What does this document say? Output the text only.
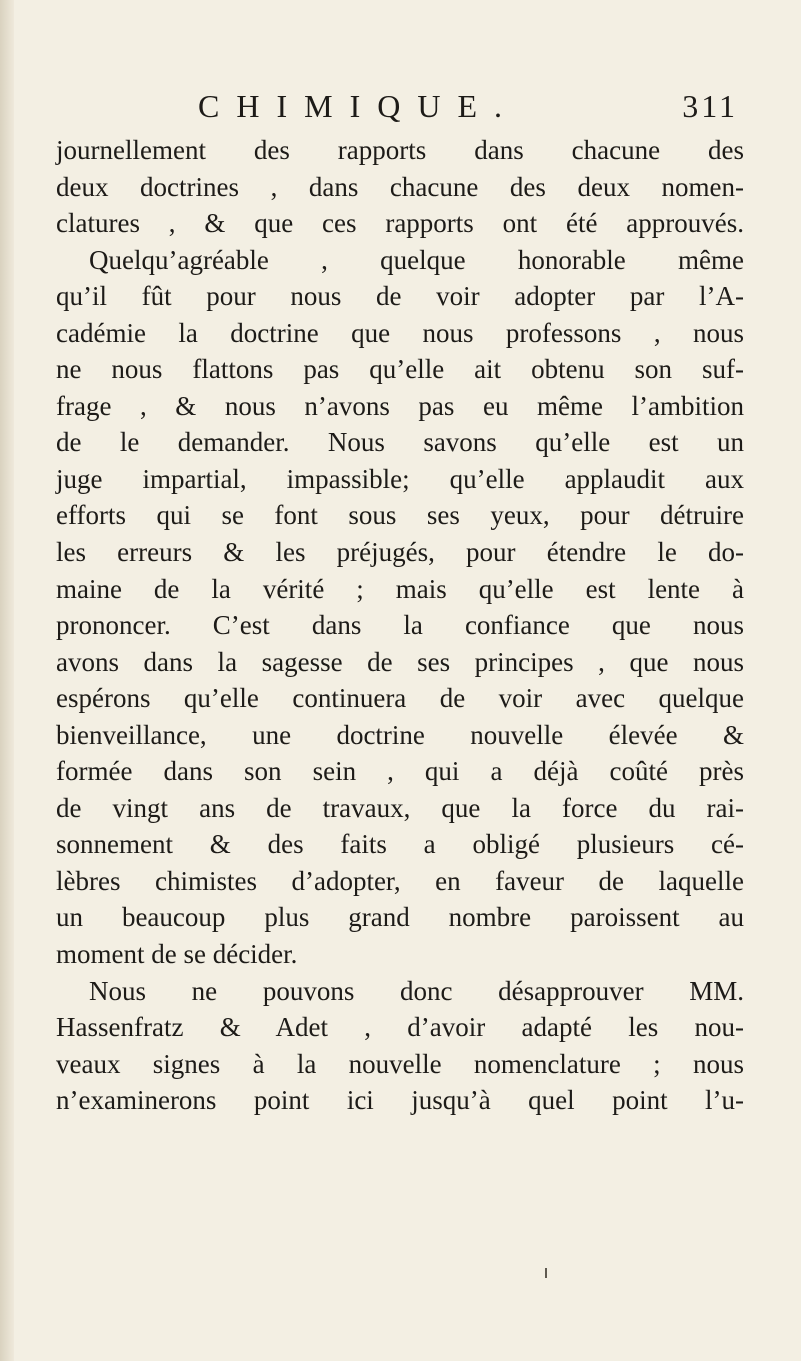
CHIMIQUE.	311
journellement des rapports dans chacune des
deux doctrines , dans chacune des deux nomen-
clatures , & que ces rapports ont été approuvés.
Quelqu’agréable , quelque honorable même
qu’il fût pour nous de voir adopter par l’A-
cadémie la doctrine que nous professons , nous
ne nous flattons pas qu’elle ait obtenu son suf-
frage , & nous n’avons pas eu même l’ambition
de le demander. Nous savons qu’elle est un
juge impartial, impassible; qu’elle applaudit aux
efforts qui se font sous ses yeux, pour détruire
les erreurs & les préjugés, pour étendre le do-
maine de la vérité ; mais qu’elle est lente à
prononcer. C’est dans la confiance que nous
avons dans la sagesse de ses principes , que nous
espérons qu’elle continuera de voir avec quelque
bienveillance, une doctrine nouvelle élevée &
formée dans son sein , qui a déjà coûté près
de vingt ans de travaux, que la force du rai-
sonnement & des faits a obligé plusieurs cé-
lèbres chimistes d’adopter, en faveur de laquelle
un beaucoup plus grand nombre paroissent au
moment de se décider.
Nous ne pouvons donc désapprouver MM.
Hassenfratz & Adet , d’avoir adapté les nou-
veaux signes à la nouvelle nomenclature ; nous
n’examinerons point ici jusqu’à quel point l’u-
